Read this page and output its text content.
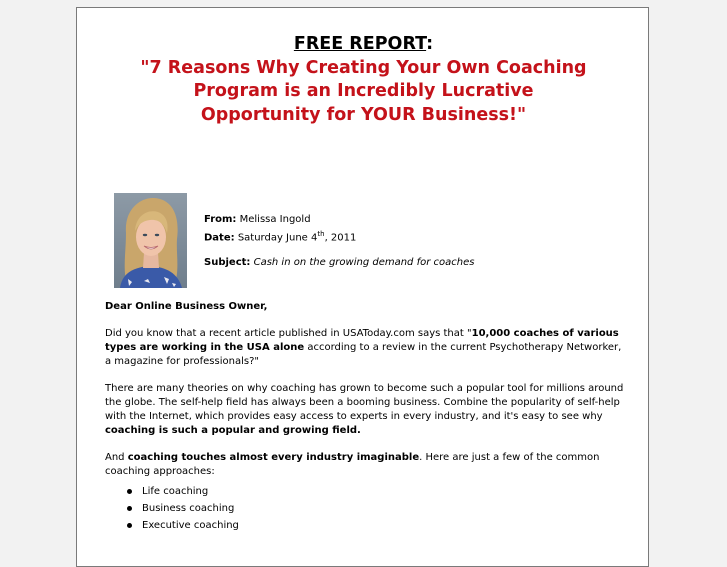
FREE REPORT:
"7 Reasons Why Creating Your Own Coaching Program is an Incredibly Lucrative Opportunity for YOUR Business!"
From: Melissa Ingold
Date: Saturday June 4th, 2011
Subject: Cash in on the growing demand for coaches
Dear Online Business Owner,

Did you know that a recent article published in USAToday.com says that "10,000 coaches of various types are working in the USA alone according to a review in the current Psychotherapy Networker, a magazine for professionals?"

There are many theories on why coaching has grown to become such a popular tool for millions around the globe. The self-help field has always been a booming business. Combine the popularity of self-help with the Internet, which provides easy access to experts in every industry, and it's easy to see why coaching is such a popular and growing field.

And coaching touches almost every industry imaginable. Here are just a few of the common coaching approaches:

Life coaching
Business coaching
Executive coaching
